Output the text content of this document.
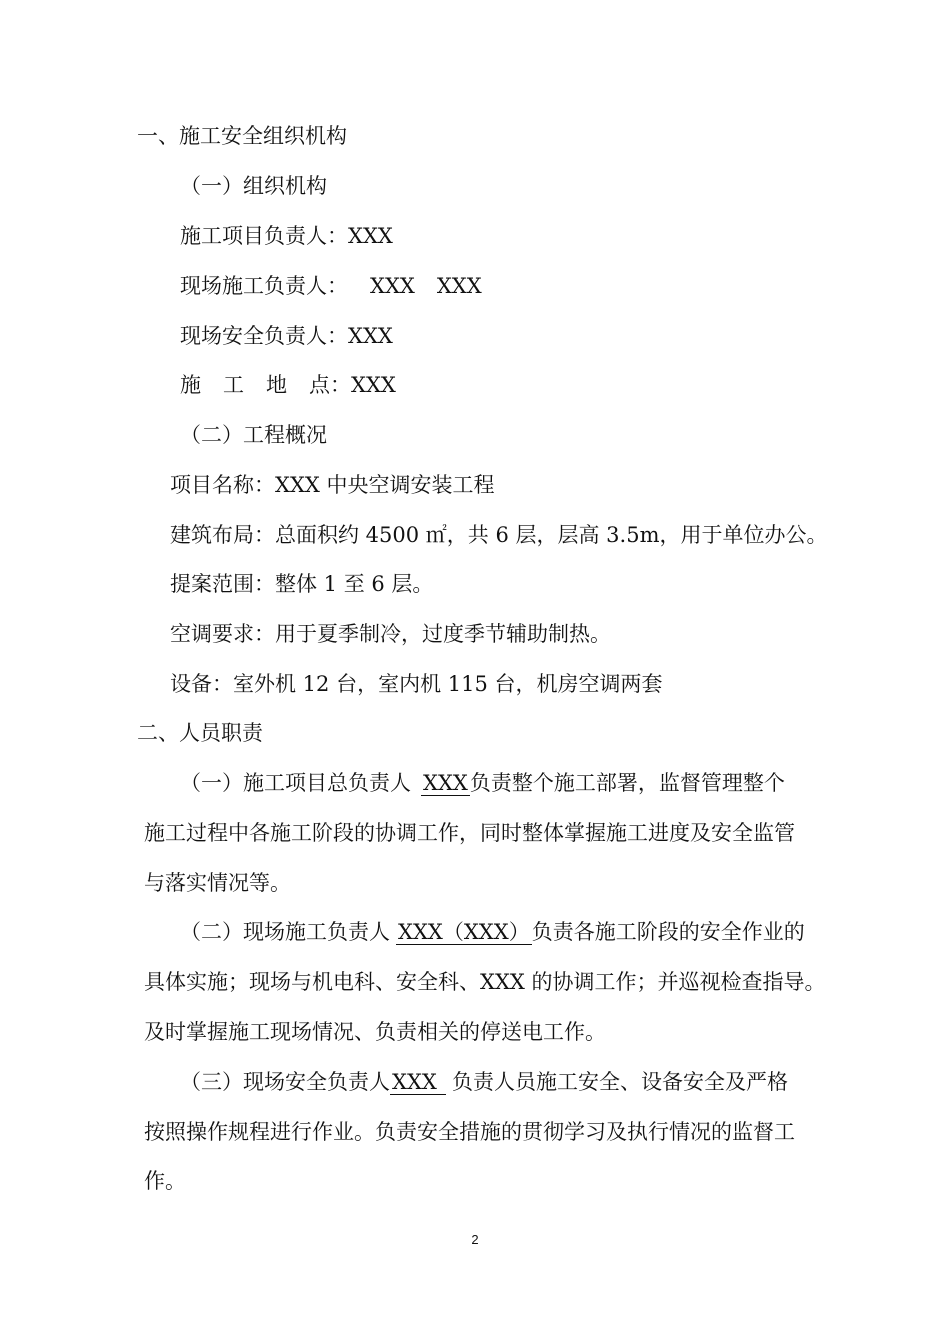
一、施工安全组织机构
（一）组织机构
施工项目负责人：XXX
现场施工负责人： XXX XXX
现场安全负责人：XXX
施 工 地 点：XXX
（二）工程概况
项目名称：XXX 中央空调安装工程
建筑布局：总面积约 4500 ㎡，共 6 层，层高 3.5m，用于单位办公。
提案范围：整体 1 至 6 层。
空调要求：用于夏季制冷，过度季节辅助制热。
设备：室外机 12 台，室内机 115 台，机房空调两套
二、人员职责
（一）施工项目总负责人 XXX负责整个施工部署，监督管理整个
施工过程中各施工阶段的协调工作，同时整体掌握施工进度及安全监管
与落实情况等。
（二）现场施工负责人 XXX（XXX）负责各施工阶段的安全作业的
具体实施；现场与机电科、安全科、XXX 的协调工作；并巡视检查指导。
及时掌握施工现场情况、负责相关的停送电工作。
（三）现场安全负责人XXX 负责人员施工安全、设备安全及严格
按照操作规程进行作业。负责安全措施的贯彻学习及执行情况的监督工
作。
2
